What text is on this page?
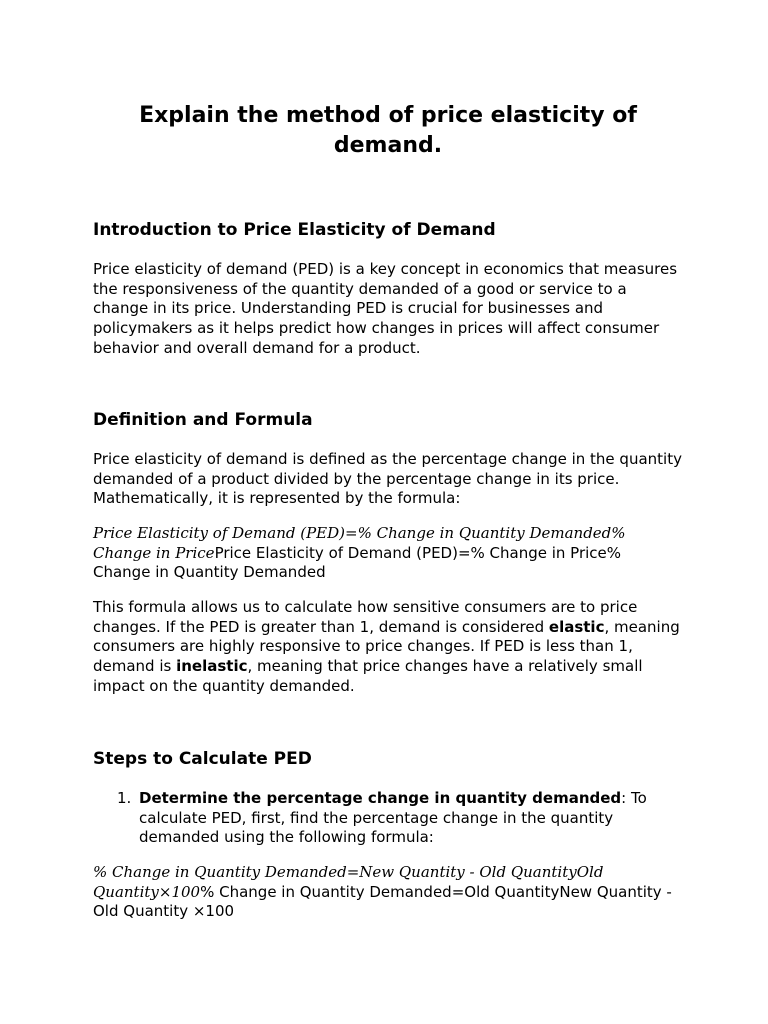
Explain the method of price elasticity of demand.
Introduction to Price Elasticity of Demand

Price elasticity of demand (PED) is a key concept in economics that measures the responsiveness of the quantity demanded of a good or service to a change in its price. Understanding PED is crucial for businesses and policymakers as it helps predict how changes in prices will affect consumer behavior and overall demand for a product.

Definition and Formula

Price elasticity of demand is defined as the percentage change in the quantity demanded of a product divided by the percentage change in its price. Mathematically, it is represented by the formula:

Price Elasticity of Demand (PED)=% Change in Quantity Demanded% Change in PricePrice Elasticity of Demand (PED)=% Change in Price% Change in Quantity Demanded

This formula allows us to calculate how sensitive consumers are to price changes. If the PED is greater than 1, demand is considered elastic, meaning consumers are highly responsive to price changes. If PED is less than 1, demand is inelastic, meaning that price changes have a relatively small impact on the quantity demanded.

Steps to Calculate PED
1. Determine the percentage change in quantity demanded: To calculate PED, first, find the percentage change in the quantity demanded using the following formula:

% Change in Quantity Demanded=New Quantity - Old QuantityOld Quantity×100% Change in Quantity Demanded=Old QuantityNew Quantity - Old Quantity ×100
